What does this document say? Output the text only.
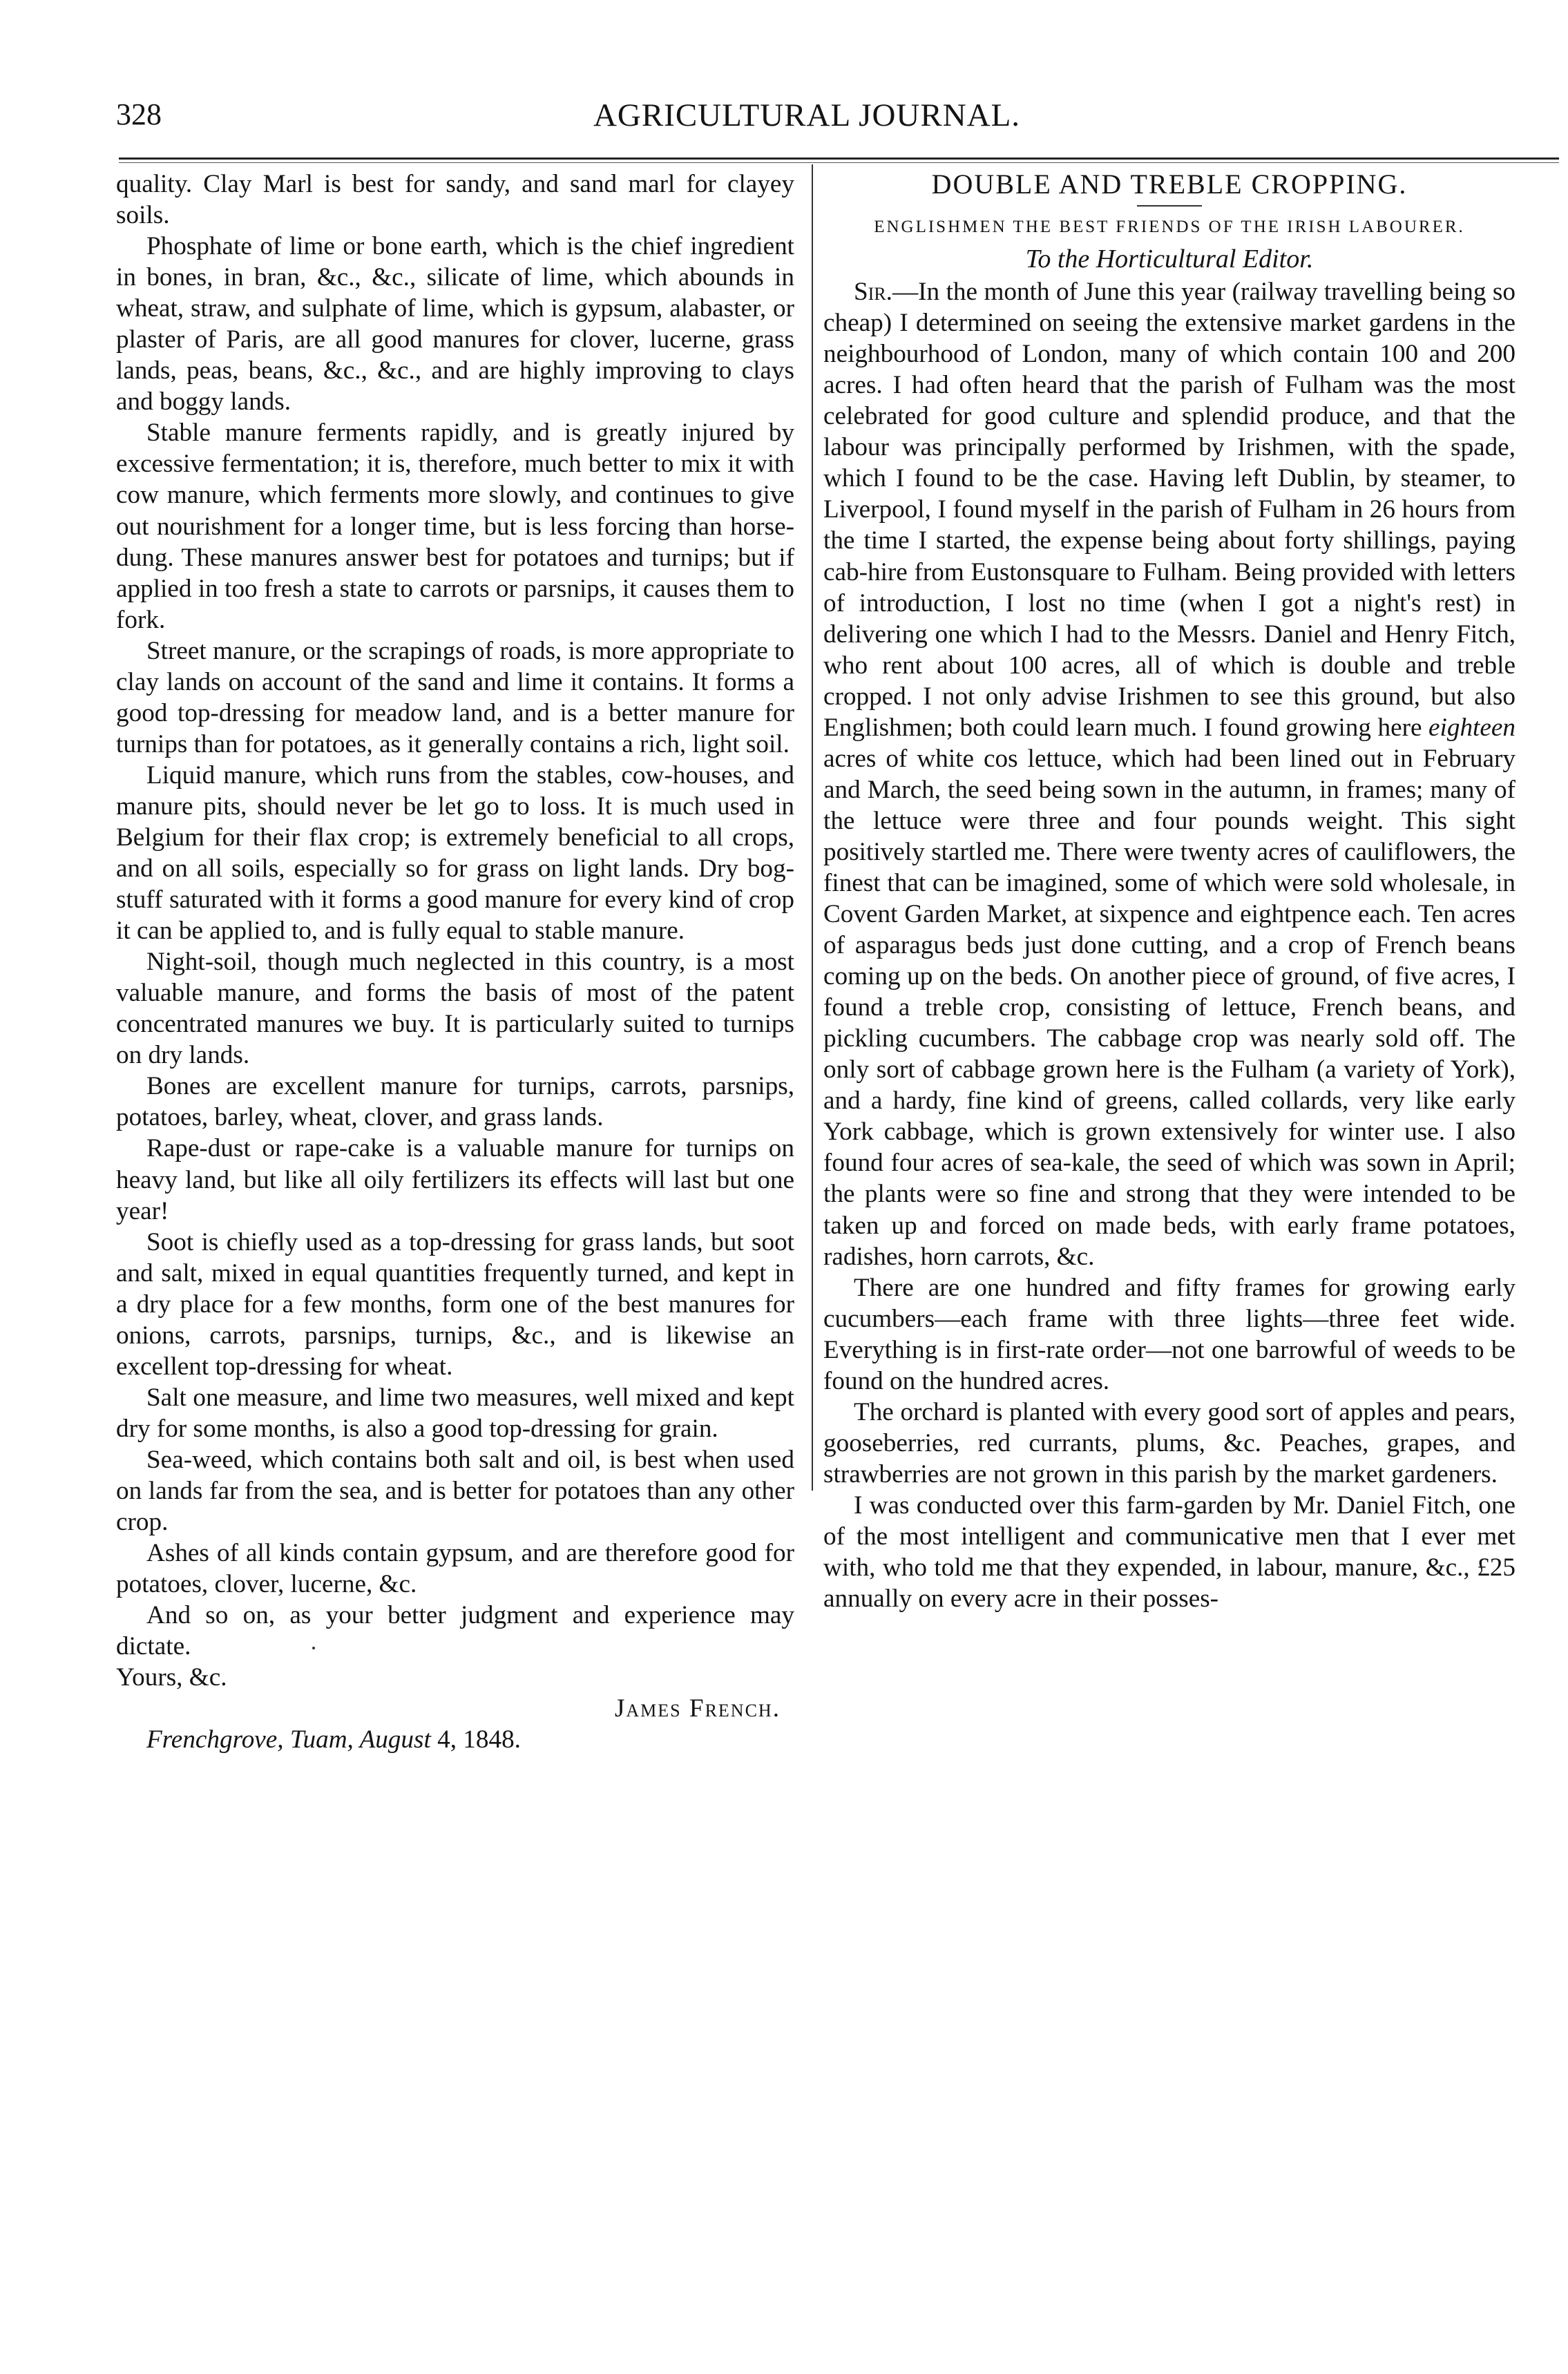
328	AGRICULTURAL JOURNAL.

quality. Clay Marl is best for sandy, and sand marl for clayey soils.

Phosphate of lime or bone earth, which is the chief ingredient in bones, in bran, &c., &c., silicate of lime, which abounds in wheat, straw, and sulphate of lime, which is gypsum, alabaster, or plaster of Paris, are all good manures for clover, lucerne, grass lands, peas, beans, &c., &c., and are highly improving to clays and boggy lands.

Stable manure ferments rapidly, and is greatly injured by excessive fermentation; it is, therefore, much better to mix it with cow manure, which ferments more slowly, and continues to give out nourishment for a longer time, but is less forcing than horse-dung. These manures answer best for potatoes and turnips; but if applied in too fresh a state to carrots or parsnips, it causes them to fork.

Street manure, or the scrapings of roads, is more appropriate to clay lands on account of the sand and lime it contains. It forms a good top-dressing for meadow land, and is a better manure for turnips than for potatoes, as it generally contains a rich, light soil.

Liquid manure, which runs from the stables, cow-houses, and manure pits, should never be let go to loss. It is much used in Belgium for their flax crop; is extremely beneficial to all crops, and on all soils, especially so for grass on light lands. Dry bog-stuff saturated with it forms a good manure for every kind of crop it can be applied to, and is fully equal to stable manure.

Night-soil, though much neglected in this country, is a most valuable manure, and forms the basis of most of the patent concentrated manures we buy. It is particularly suited to turnips on dry lands.

Bones are excellent manure for turnips, carrots, parsnips, potatoes, barley, wheat, clover, and grass lands.

Rape-dust or rape-cake is a valuable manure for turnips on heavy land, but like all oily fertilizers its effects will last but one year!

Soot is chiefly used as a top-dressing for grass lands, but soot and salt, mixed in equal quantities frequently turned, and kept in a dry place for a few months, form one of the best manures for onions, carrots, parsnips, turnips, &c., and is likewise an excellent top-dressing for wheat.

Salt one measure, and lime two measures, well mixed and kept dry for some months, is also a good top-dressing for grain.

Sea-weed, which contains both salt and oil, is best when used on lands far from the sea, and is better for potatoes than any other crop.

Ashes of all kinds contain gypsum, and are therefore good for potatoes, clover, lucerne, &c.

And so on, as your better judgment and experience may dictate.

Yours, &c.

James French.

Frenchgrove, Tuam, August 4, 1848.

DOUBLE AND TREBLE CROPPING.
ENGLISHMEN THE BEST FRIENDS OF THE IRISH LABOURER.
To the Horticultural Editor.

Sir.—In the month of June this year (railway travelling being so cheap) I determined on seeing the extensive market gardens in the neighbourhood of London, many of which contain 100 and 200 acres. I had often heard that the parish of Fulham was the most celebrated for good culture and splendid produce, and that the labour was principally performed by Irishmen, with the spade, which I found to be the case. Having left Dublin, by steamer, to Liverpool, I found myself in the parish of Fulham in 26 hours from the time I started, the expense being about forty shillings, paying cab-hire from Eustonsquare to Fulham. Being provided with letters of introduction, I lost no time (when I got a night's rest) in delivering one which I had to the Messrs. Daniel and Henry Fitch, who rent about 100 acres, all of which is double and treble cropped. I not only advise Irishmen to see this ground, but also Englishmen; both could learn much. I found growing here eighteen acres of white cos lettuce, which had been lined out in February and March, the seed being sown in the autumn, in frames; many of the lettuce were three and four pounds weight. This sight positively startled me. There were twenty acres of cauliflowers, the finest that can be imagined, some of which were sold wholesale, in Covent Garden Market, at sixpence and eightpence each. Ten acres of asparagus beds just done cutting, and a crop of French beans coming up on the beds. On another piece of ground, of five acres, I found a treble crop, consisting of lettuce, French beans, and pickling cucumbers. The cabbage crop was nearly sold off. The only sort of cabbage grown here is the Fulham (a variety of York), and a hardy, fine kind of greens, called collards, very like early York cabbage, which is grown extensively for winter use. I also found four acres of sea-kale, the seed of which was sown in April; the plants were so fine and strong that they were intended to be taken up and forced on made beds, with early frame potatoes, radishes, horn carrots, &c.

There are one hundred and fifty frames for growing early cucumbers—each frame with three lights—three feet wide. Everything is in first-rate order—not one barrowful of weeds to be found on the hundred acres.

The orchard is planted with every good sort of apples and pears, gooseberries, red currants, plums, &c. Peaches, grapes, and strawberries are not grown in this parish by the market gardeners.

I was conducted over this farm-garden by Mr. Daniel Fitch, one of the most intelligent and communicative men that I ever met with, who told me that they expended, in labour, manure, &c., £25 annually on every acre in their posses-
